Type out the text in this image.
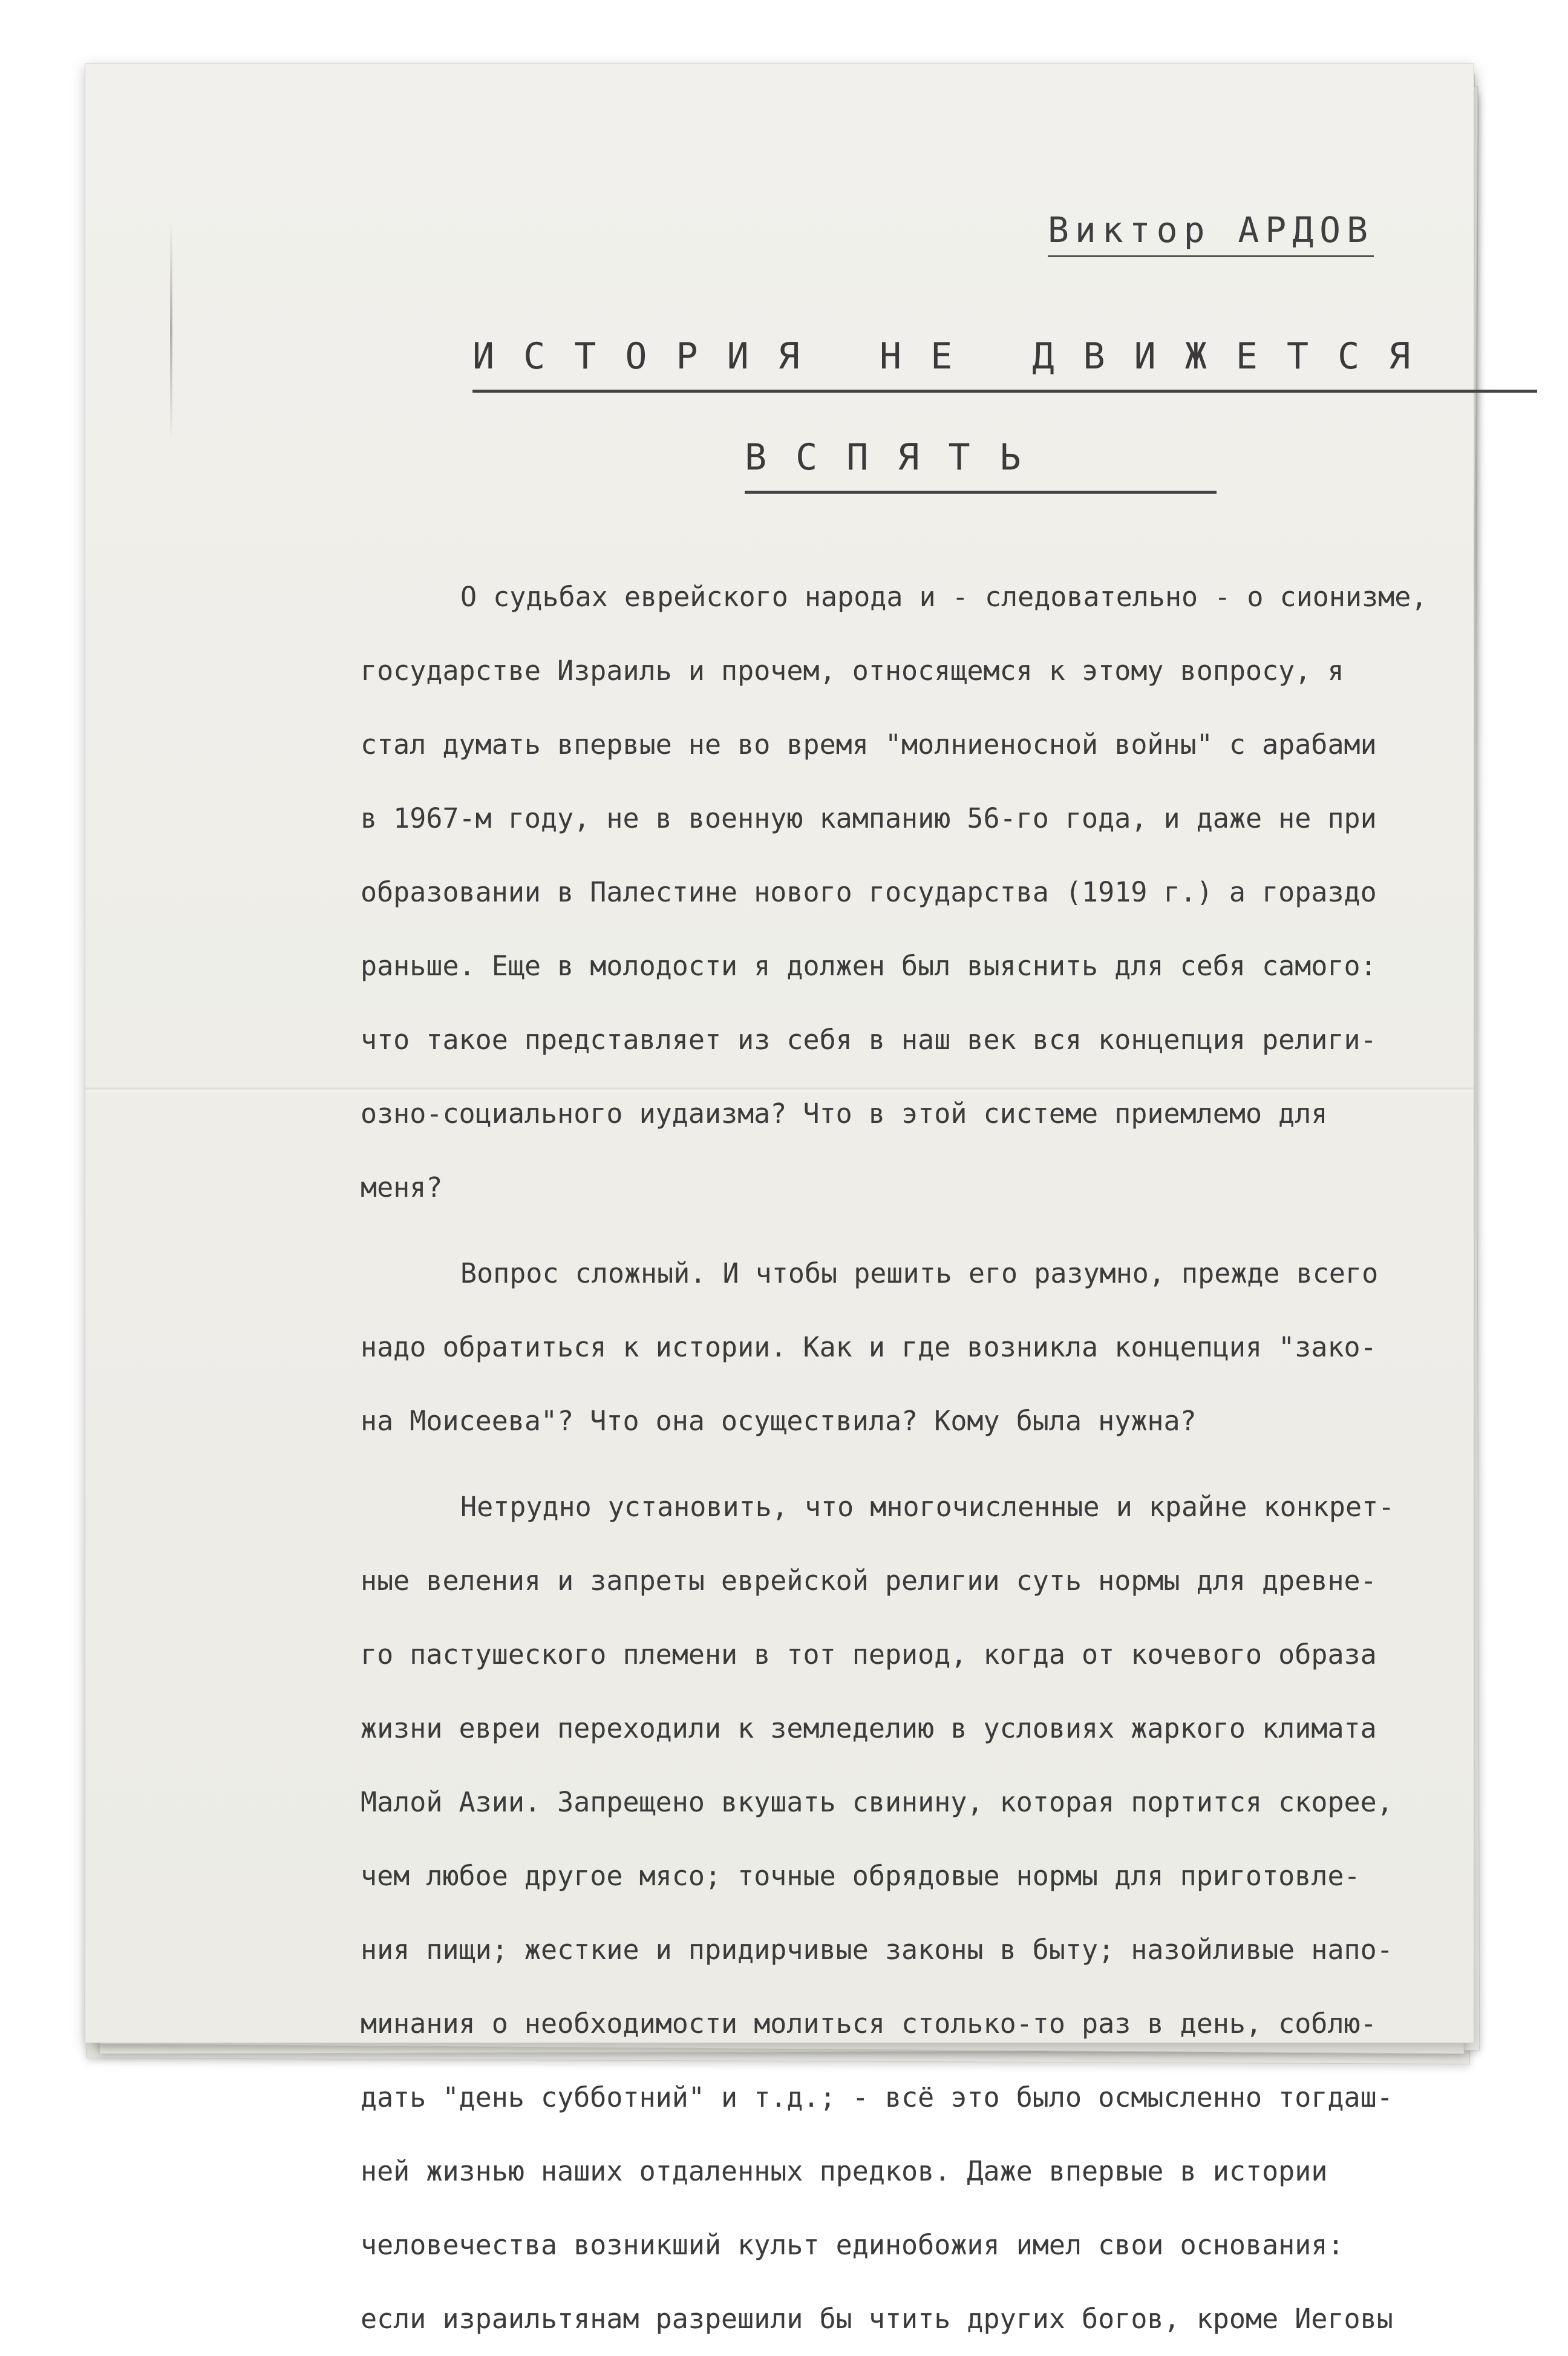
Виктор АРДОВ
ИСТОРИЯ НЕ ДВИЖЕТСЯ
ВСПЯТЬ
О судьбах еврейского народа и - следовательно - о сионизме,
государстве Израиль и прочем, относящемся к этому вопросу, я
стал думать впервые не во время "молниеносной войны" с арабами
в 1967-м году, не в военную кампанию 56-го года, и даже не при
образовании в Палестине нового государства (1919 г.) а гораздо
раньше. Еще в молодости я должен был выяснить для себя самого:
что такое представляет из себя в наш век вся концепция религи-
озно-социального иудаизма? Что в этой системе приемлемо для
меня?
Вопрос сложный. И чтобы решить его разумно, прежде всего
надо обратиться к истории. Как и где возникла концепция "зако-
на Моисеева"? Что она осуществила? Кому была нужна?
Нетрудно установить, что многочисленные и крайне конкрет-
ные веления и запреты еврейской религии суть нормы для древне-
го пастушеского племени в тот период, когда от кочевого образа
жизни евреи переходили к земледелию в условиях жаркого климата
Малой Азии. Запрещено вкушать свинину, которая портится скорее,
чем любое другое мясо; точные обрядовые нормы для приготовле-
ния пищи; жесткие и придирчивые законы в быту; назойливые напо-
минания о необходимости молиться столько-то раз в день, соблю-
дать "день субботний" и т.д.; - всё это было осмысленно тогдаш-
ней жизнью наших отдаленных предков. Даже впервые в истории
человечества возникший культ единобожия имел свои основания:
если израильтянам разрешили бы чтить других богов, кроме Иеговы
